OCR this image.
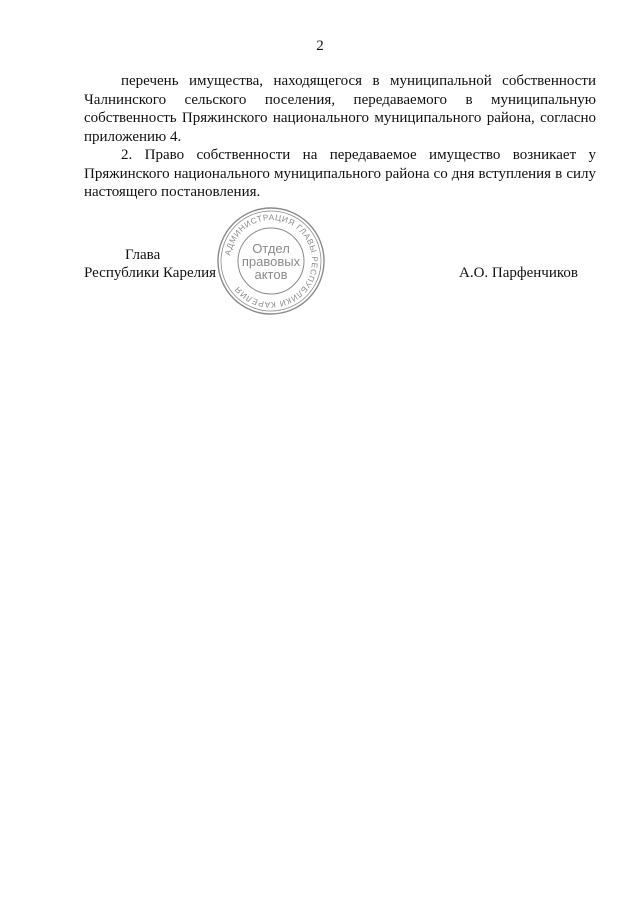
2

перечень имущества, находящегося в муниципальной собственности Чалнинского сельского поселения, передаваемого в муниципальную собственность Пряжинского национального муниципального района, согласно приложению 4.

2. Право собственности на передаваемое имущество возникает у Пряжинского национального муниципального района со дня вступления в силу настоящего постановления.

Глава
Республики Карелия	А.О. Парфенчиков
АДМИНИСТРАЦИЯ ГЛАВЫ РЕСПУБЛИКИ КАРЕЛИЯ
Отдел
правовых
актов
